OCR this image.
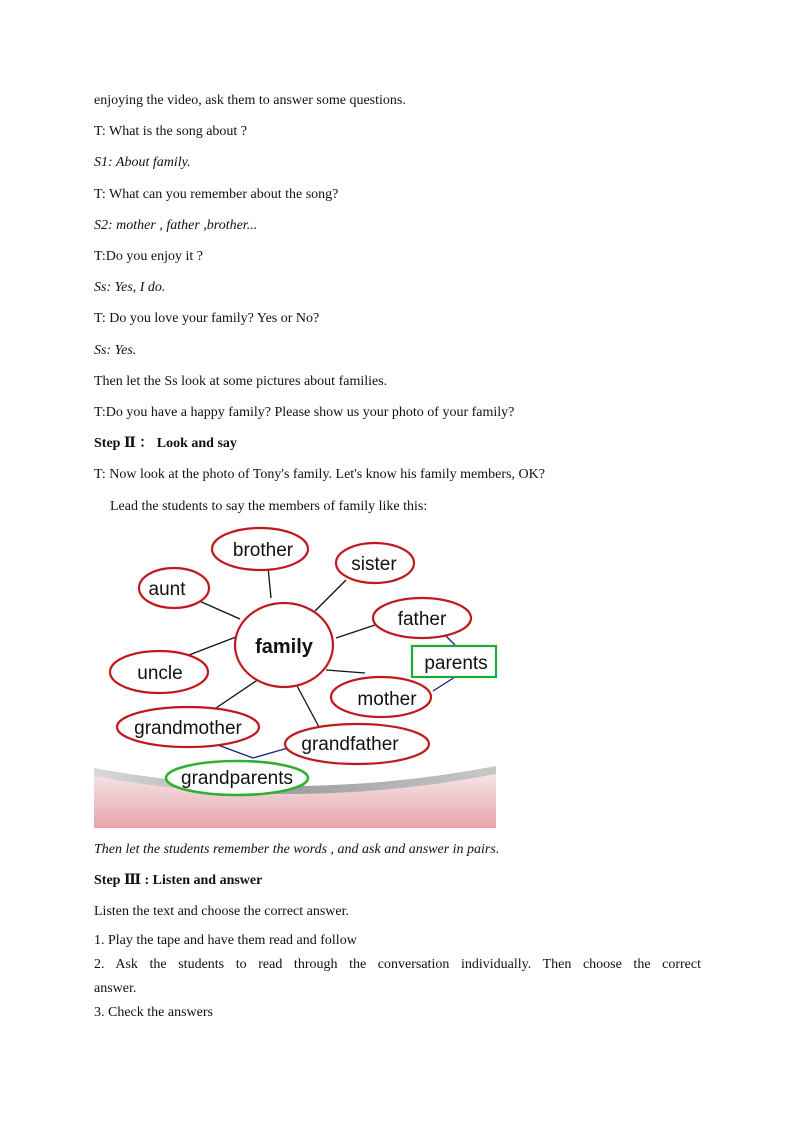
enjoying the video, ask them to answer some questions.
T: What is the song about ?
S1: About family.
T: What can you remember about the song?
S2: mother , father ,brother...
T:Do you enjoy it ?
Ss: Yes, I do.
T: Do you love your family? Yes or No?
Ss: Yes.
Then let the Ss look at some pictures about families.
T:Do you have a happy family? Please show us your photo of your family?
Step Ⅱ ： Look and say
T: Now look at the photo of Tony's family. Let's know his family members, OK?
Lead the students to say the members of family like this:
family
brother
sister
aunt
father
parents
uncle
mother
grandmother
grandfather
grandparents
Then let the students remember the words , and ask and answer in pairs.
Step Ⅲ : Listen and answer
Listen the text and choose the correct answer.
1. Play the tape and have them read and follow
2. Ask the students to read through the conversation individually. Then choose the correct
answer.
3. Check the answers
